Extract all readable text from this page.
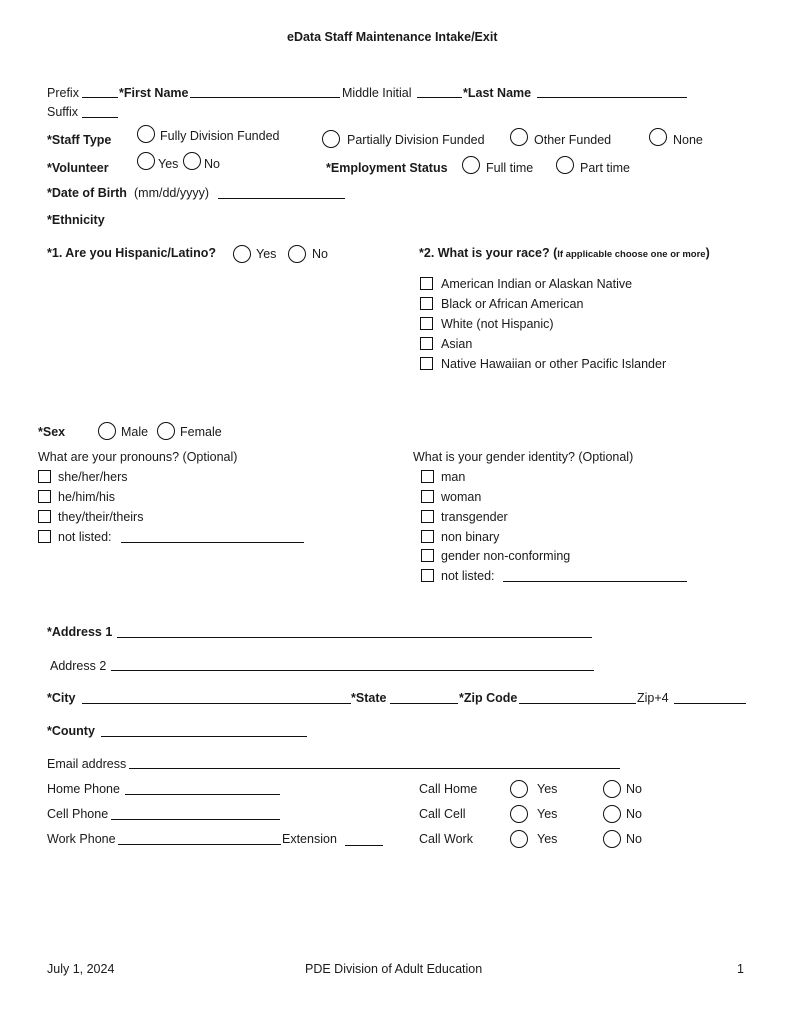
eData Staff Maintenance Intake/Exit
Prefix	*First Name	Middle Initial	*Last Name
Suffix
*Staff Type	Fully Division Funded	Partially Division Funded	Other Funded	None
*Volunteer	Yes No	*Employment Status	Full time	Part time
*Date of Birth (mm/dd/yyyy)
*Ethnicity
*1. Are you Hispanic/Latino?	Yes	No	*2. What is your race? (If applicable choose one or more)
American Indian or Alaskan Native
Black or African American
White (not Hispanic)
Asian
Native Hawaiian or other Pacific Islander
*Sex	Male	Female
What are your pronouns? (Optional)
she/her/hers
he/him/his
they/their/theirs
not listed:
What is your gender identity? (Optional)
man
woman
transgender
non binary
gender non-conforming
not listed:
*Address 1
Address 2
*City	*State	*Zip Code	Zip+4
*County
Email address
Home Phone	Call Home	Yes	No
Cell Phone	Call Cell	Yes	No
Work Phone	Extension	Call Work	Yes	No
July 1, 2024	PDE Division of Adult Education	1
